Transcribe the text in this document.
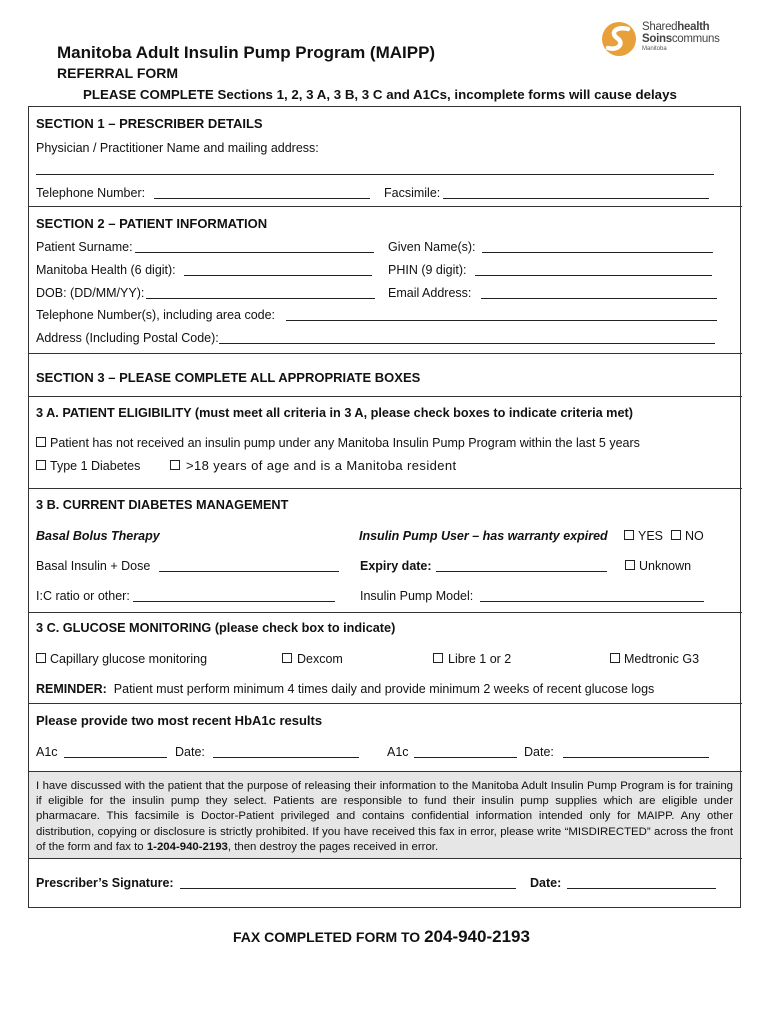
Manitoba Adult Insulin Pump Program (MAIPP)
REFERRAL FORM
PLEASE COMPLETE Sections 1, 2, 3 A, 3 B, 3 C and A1Cs, incomplete forms will cause delays
Sharedhealth
Soinscommuns
Manitoba
SECTION 1 – PRESCRIBER DETAILS
Physician / Practitioner Name and mailing address:
Telephone Number:	Facsimile:
SECTION 2 – PATIENT INFORMATION
Patient Surname:	Given Name(s):
Manitoba Health (6 digit):	PHIN (9 digit):
DOB: (DD/MM/YY):	Email Address:
Telephone Number(s), including area code:
Address (Including Postal Code):
SECTION 3 – PLEASE COMPLETE ALL APPROPRIATE BOXES
3 A. PATIENT ELIGIBILITY (must meet all criteria in 3 A, please check boxes to indicate criteria met)
Patient has not received an insulin pump under any Manitoba Insulin Pump Program within the last 5 years
Type 1 Diabetes	>18 years of age and is a Manitoba resident
3 B. CURRENT DIABETES MANAGEMENT
Basal Bolus Therapy	Insulin Pump User – has warranty expired YES NO
Basal Insulin + Dose	Expiry date:	Unknown
I:C ratio or other:	Insulin Pump Model:
3 C. GLUCOSE MONITORING (please check box to indicate)
Capillary glucose monitoring	Dexcom	Libre 1 or 2	Medtronic G3
REMINDER: Patient must perform minimum 4 times daily and provide minimum 2 weeks of recent glucose logs
Please provide two most recent HbA1c results
A1c	Date:	A1c	Date:
I have discussed with the patient that the purpose of releasing their information to the Manitoba Adult Insulin Pump Program is for training if eligible for the insulin pump they select. Patients are responsible to fund their insulin pump supplies which are eligible under pharmacare. This facsimile is Doctor-Patient privileged and contains confidential information intended only for MAIPP. Any other distribution, copying or disclosure is strictly prohibited. If you have received this fax in error, please write “MISDIRECTED” across the front of the form and fax to 1-204-940-2193, then destroy the pages received in error.
Prescriber’s Signature:	Date:
FAX COMPLETED FORM TO 204-940-2193
